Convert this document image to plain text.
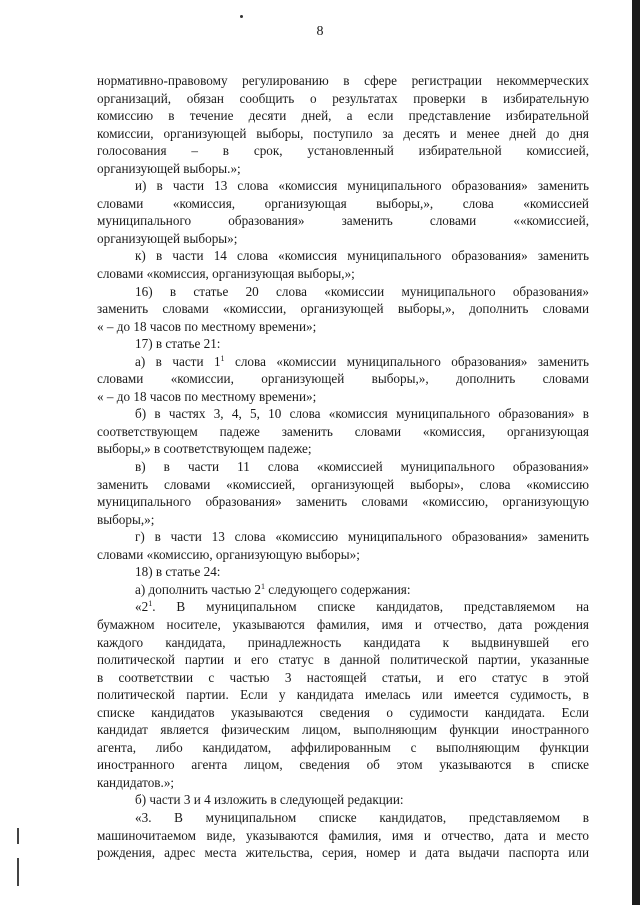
8
нормативно-правовому регулированию в сфере регистрации некоммерческих
организаций, обязан сообщить о результатах проверки в избирательную
комиссию в течение десяти дней, а если представление избирательной
комиссии, организующей выборы, поступило за десять и менее дней до дня
голосования – в срок, установленный избирательной комиссией,
организующей выборы.»;
и) в части 13 слова «комиссия муниципального образования» заменить
словами «комиссия, организующая выборы,», слова «комиссией
муниципального образования» заменить словами ««комиссией,
организующей выборы»;
к) в части 14 слова «комиссия муниципального образования» заменить
словами «комиссия, организующая выборы,»;
16) в статье 20 слова «комиссии муниципального образования»
заменить словами «комиссии, организующей выборы,», дополнить словами
« – до 18 часов по местному времени»;
17) в статье 21:
а) в части $1^1$ слова «комиссии муниципального образования» заменить
словами «комиссии, организующей выборы,», дополнить словами
« – до 18 часов по местному времени»;
б) в частях 3, 4, 5, 10 слова «комиссия муниципального образования» в
соответствующем падеже заменить словами «комиссия, организующая
выборы,» в соответствующем падеже;
в) в части 11 слова «комиссией муниципального образования»
заменить словами «комиссией, организующей выборы», слова «комиссию
муниципального образования» заменить словами «комиссию, организующую
выборы,»;
г) в части 13 слова «комиссию муниципального образования» заменить
словами «комиссию, организующую выборы»;
18) в статье 24:
а) дополнить частью $2^1$ следующего содержания:
«$2^1$. В муниципальном списке кандидатов, представляемом на
бумажном носителе, указываются фамилия, имя и отчество, дата рождения
каждого кандидата, принадлежность кандидата к выдвинувшей его
политической партии и его статус в данной политической партии, указанные
в соответствии с частью 3 настоящей статьи, и его статус в этой
политической партии. Если у кандидата имелась или имеется судимость, в
списке кандидатов указываются сведения о судимости кандидата. Если
кандидат является физическим лицом, выполняющим функции иностранного
агента, либо кандидатом, аффилированным с выполняющим функции
иностранного агента лицом, сведения об этом указываются в списке
кандидатов.»;
б) части 3 и 4 изложить в следующей редакции:
«3. В муниципальном списке кандидатов, представляемом в
машиночитаемом виде, указываются фамилия, имя и отчество, дата и место
рождения, адрес места жительства, серия, номер и дата выдачи паспорта или
